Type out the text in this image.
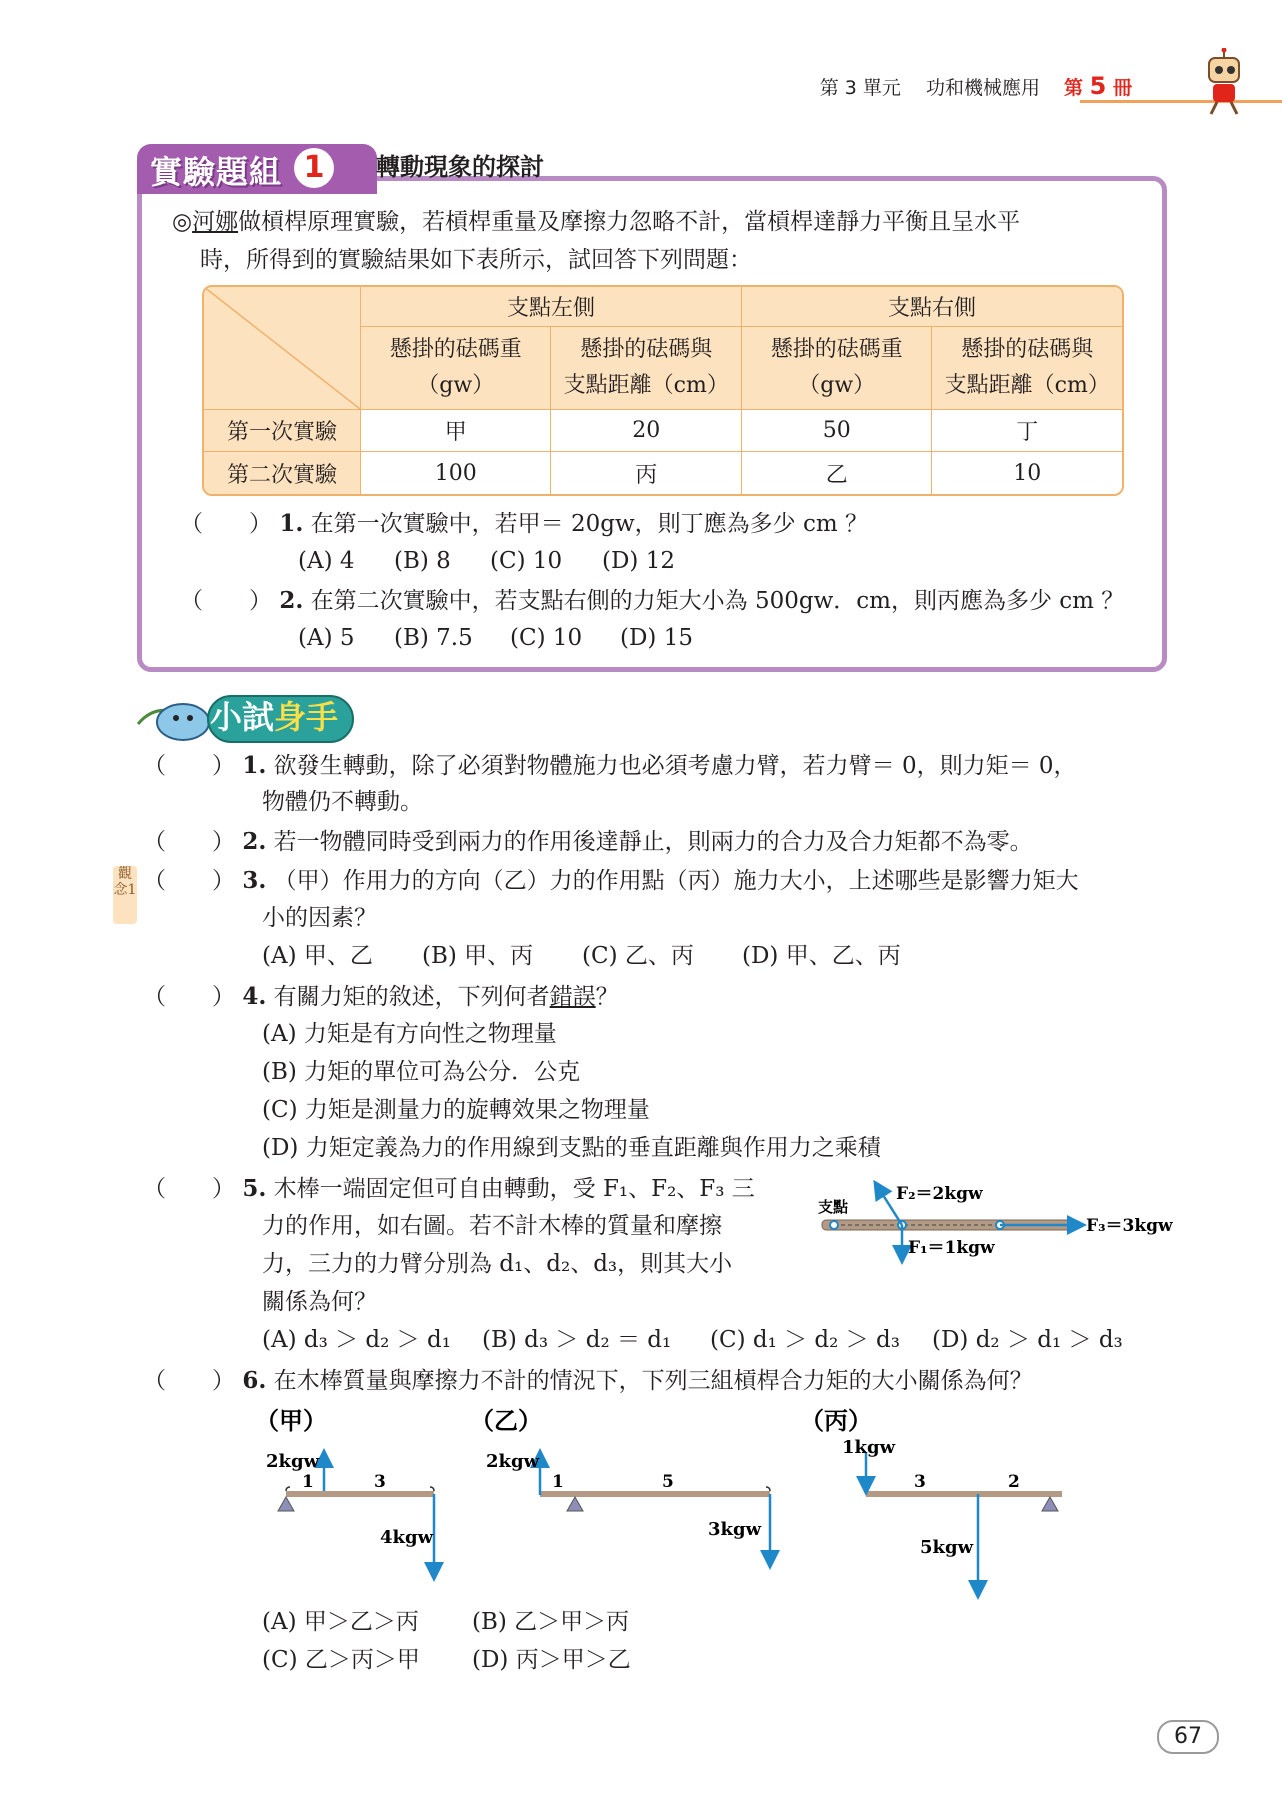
第 3 單元　 功和機械應用 第 5 冊
實驗題組 1	轉動現象的探討
◎河娜做槓桿原理實驗，若槓桿重量及摩擦力忽略不計，當槓桿達靜力平衡且呈水平
時，所得到的實驗結果如下表所示，試回答下列問題：
	支點左側		支點右側	
	懸掛的砝碼重
（gw）	懸掛的砝碼與
支點距離（cm）	懸掛的砝碼重
（gw）	懸掛的砝碼與
支點距離（cm）
第一次實驗	甲	20	50	丁
第二次實驗	100	丙	乙	10
（　　） 1. 在第一次實驗中，若甲＝ 20gw，則丁應為多少 cm ？
(A) 4 (B) 8 (C) 10 (D) 12
（　　） 2. 在第二次實驗中，若支點右側的力矩大小為 500gw．cm，則丙應為多少 cm ？
(A) 5 (B) 7.5 (C) 10 (D) 15
小試身手
觀念1
（　　） 1. 欲發生轉動，除了必須對物體施力也必須考慮力臂，若力臂＝ 0，則力矩＝ 0，
物體仍不轉動。
（　　） 2. 若一物體同時受到兩力的作用後達靜止，則兩力的合力及合力矩都不為零。
（　　） 3. （甲）作用力的方向（乙）力的作用點（丙）施力大小，上述哪些是影響力矩大
小的因素？
(A) 甲、乙 (B) 甲、丙 (C) 乙、丙 (D) 甲、乙、丙
（　　） 4. 有關力矩的敘述，下列何者錯誤？
(A) 力矩是有方向性之物理量
(B) 力矩的單位可為公分．公克
(C) 力矩是測量力的旋轉效果之物理量
(D) 力矩定義為力的作用線到支點的垂直距離與作用力之乘積
（　　） 5. 木棒一端固定但可自由轉動，受 F₁、F₂、F₃ 三
力的作用，如右圖。若不計木棒的質量和摩擦
力，三力的力臂分別為 d₁、d₂、d₃，則其大小
關係為何？
(A) d₃ ＞ d₂ ＞ d₁ (B) d₃ ＞ d₂ ＝ d₁ (C) d₁ ＞ d₂ ＞ d₃ (D) d₂ ＞ d₁ ＞ d₃
支點
F₂＝2kgw
F₁＝1kgw
F₃＝3kgw
（　　） 6. 在木棒質量與摩擦力不計的情況下，下列三組槓桿合力矩的大小關係為何？
（甲）
2kgw
4kgw
1	3
（乙）
2kgw
3kgw
1	5
（丙）
1kgw
5kgw
3	2
(A) 甲＞乙＞丙 (B) 乙＞甲＞丙
(C) 乙＞丙＞甲 (D) 丙＞甲＞乙
67
